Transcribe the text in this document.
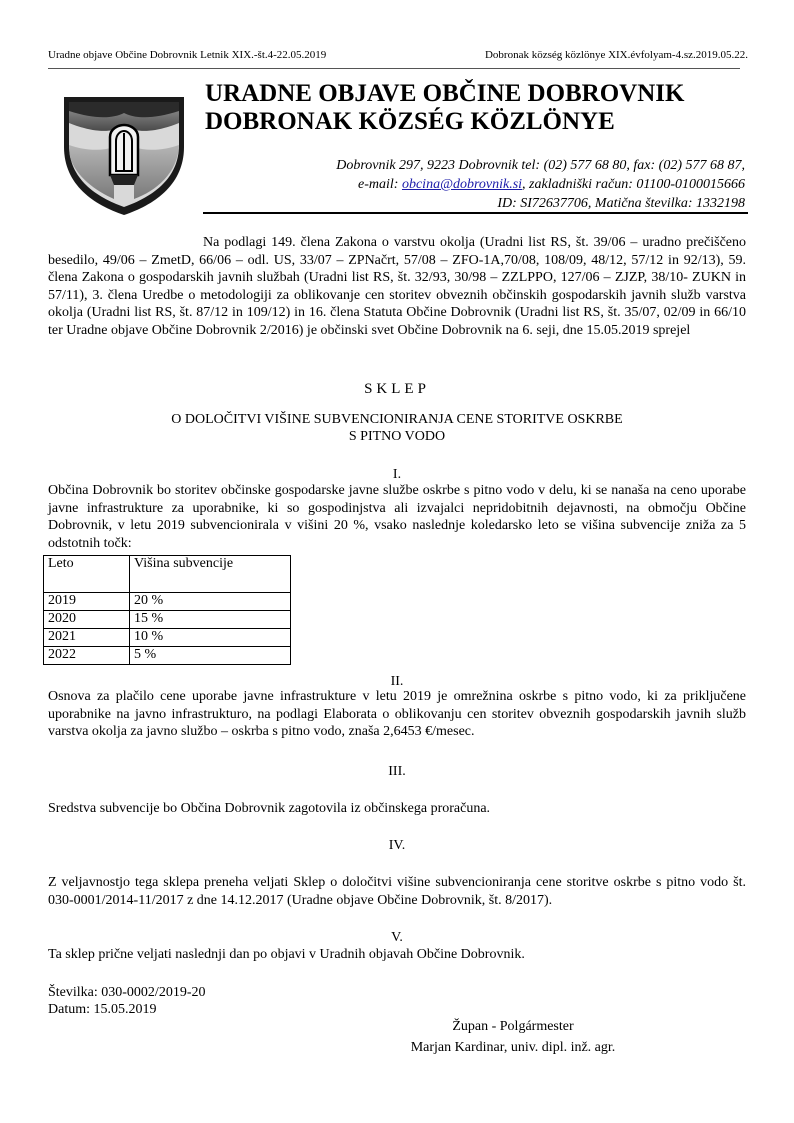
Uradne objave Občine Dobrovnik Letnik XIX.-št.4-22.05.2019	Dobronak község közlönye XIX.évfolyam-4.sz.2019.05.22.
URADNE OBJAVE OBČINE DOBROVNIK
DOBRONAK KÖZSÉG KÖZLÖNYE
Dobrovnik 297, 9223 Dobrovnik tel: (02) 577 68 80, fax: (02) 577 68 87,
e-mail: obcina@dobrovnik.si, zakladniški račun: 01100-0100015666
ID: SI72637706, Matična številka: 1332198
Na podlagi 149. člena Zakona o varstvu okolja (Uradni list RS, št. 39/06 – uradno prečiščeno besedilo, 49/06 – ZmetD, 66/06 – odl. US, 33/07 – ZPNačrt, 57/08 – ZFO-1A,70/08, 108/09, 48/12, 57/12 in 92/13), 59. člena Zakona o gospodarskih javnih službah (Uradni list RS, št. 32/93, 30/98 – ZZLPPO, 127/06 – ZJZP, 38/10- ZUKN in 57/11), 3. člena Uredbe o metodologiji za oblikovanje cen storitev obveznih občinskih gospodarskih javnih služb varstva okolja (Uradni list RS, št. 87/12 in 109/12) in 16. člena Statuta Občine Dobrovnik (Uradni list RS, št. 35/07, 02/09 in 66/10 ter Uradne objave Občine Dobrovnik 2/2016) je občinski svet Občine Dobrovnik na 6. seji, dne 15.05.2019 sprejel
SKLEP
O DOLOČITVI VIŠINE SUBVENCIONIRANJA CENE STORITVE OSKRBE
S PITNO VODO
I.
Občina Dobrovnik bo storitev občinske gospodarske javne službe oskrbe s pitno vodo v delu, ki se nanaša na ceno uporabe javne infrastrukture za uporabnike, ki so gospodinjstva ali izvajalci nepridobitnih dejavnosti, na območju Občine Dobrovnik, v letu 2019 subvencionirala v višini 20 %, vsako naslednje koledarsko leto se višina subvencije zniža za 5 odstotnih točk:
Leto	Višina subvencije
2019	20 %
2020	15 %
2021	10 %
2022	5 %
II.
Osnova za plačilo cene uporabe javne infrastrukture v letu 2019 je omrežnina oskrbe s pitno vodo, ki za priključene uporabnike na javno infrastrukturo, na podlagi Elaborata o oblikovanju cen storitev obveznih gospodarskih javnih služb varstva okolja za javno službo – oskrba s pitno vodo, znaša 2,6453 €/mesec.
III.
Sredstva subvencije bo Občina Dobrovnik zagotovila iz občinskega proračuna.
IV.
Z veljavnostjo tega sklepa preneha veljati Sklep o določitvi višine subvencioniranja cene storitve oskrbe s pitno vodo št. 030-0001/2014-11/2017 z dne 14.12.2017 (Uradne objave Občine Dobrovnik, št. 8/2017).
V.
Ta sklep prične veljati naslednji dan po objavi v Uradnih objavah Občine Dobrovnik.
Številka: 030-0002/2019-20
Datum: 15.05.2019
Župan - Polgármester
Marjan Kardinar, univ. dipl. inž. agr.
